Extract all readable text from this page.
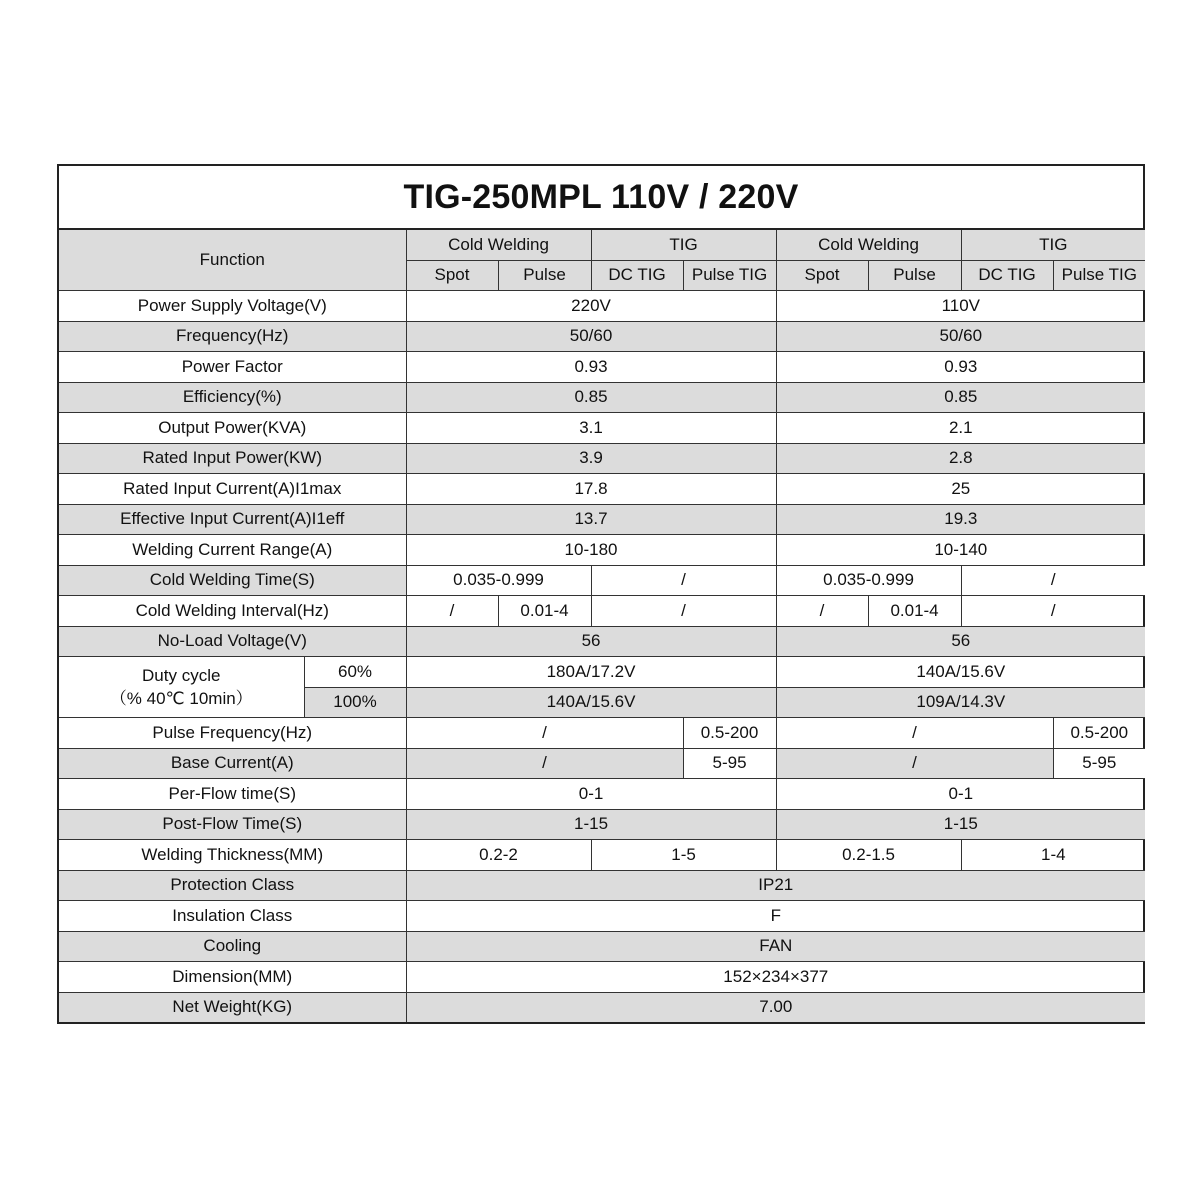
TIG-250MPL 110V / 220V
Function		Cold Welding		TIG		Cold Welding		TIG	
		Spot	Pulse	DC TIG	Pulse TIG	Spot	Pulse	DC TIG	Pulse TIG
Power Supply Voltage(V)		220V				110V			
Frequency(Hz)		50/60				50/60			
Power Factor		0.93				0.93			
Efficiency(%)		0.85				0.85			
Output Power(KVA)		3.1				2.1			
Rated Input Power(KW)		3.9				2.8			
Rated Input Current(A)I1max		17.8				25			
Effective Input Current(A)I1eff		13.7				19.3			
Welding Current Range(A)		10-180				10-140			
Cold Welding Time(S)		0.035-0.999		/		0.035-0.999		/	
Cold Welding Interval(Hz)		/	0.01-4	/		/	0.01-4	/	
No-Load Voltage(V)		56				56			

Duty cycle
（% 40℃ 10min）	60%	180A/17.2V				140A/15.6V			
	100%	140A/15.6V				109A/14.3V			
Pulse Frequency(Hz)		/			0.5-200	/			0.5-200
Base Current(A)		/			5-95	/			5-95
Per-Flow time(S)		0-1				0-1			
Post-Flow Time(S)		1-15				1-15			
Welding Thickness(MM)		0.2-2		1-5		0.2-1.5		1-4	
Protection Class		IP21							
Insulation Class		F							
Cooling		FAN							
Dimension(MM)		152×234×377							
Net Weight(KG)		7.00							
